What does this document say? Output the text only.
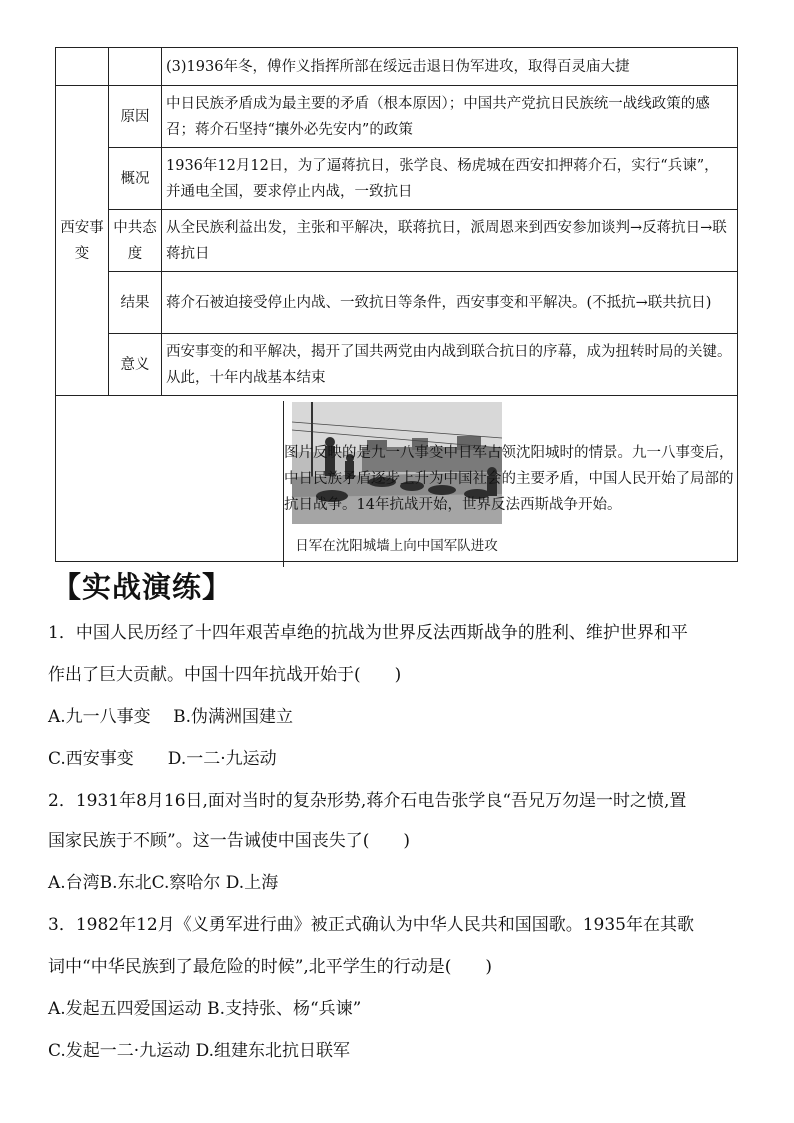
		(3)1936年冬，傅作义指挥所部在绥远击退日伪军进攻，取得百灵庙大捷
西安事变	原因	中日民族矛盾成为最主要的矛盾（根本原因）；中国共产党抗日民族统一战线政策的感召；蒋介石坚持“攘外必先安内”的政策
	概况	1936年12月12日，为了逼蒋抗日，张学良、杨虎城在西安扣押蒋介石，实行“兵谏”，并通电全国，要求停止内战，一致抗日
	中共态度	从全民族利益出发，主张和平解决，联蒋抗日，派周恩来到西安参加谈判→反蒋抗日→联蒋抗日
	结果	蒋介石被迫接受停止内战、一致抗日等条件，西安事变和平解决。(不抵抗→联共抗日)
	意义	西安事变的和平解决，揭开了国共两党由内战到联合抗日的序幕，成为扭转时局的关键。从此，十年内战基本结束

日军在沈阳城墙上向中国军队进攻		
图片反映的是九一八事变中日军占领沈阳城时的情景。九一八事变后，中日民族矛盾逐步上升为中国社会的主要矛盾，中国人民开始了局部的抗日战争。14年抗战开始，世界反法西斯战争开始。
【实战演练】

1．中国人民历经了十四年艰苦卓绝的抗战为世界反法西斯战争的胜利、维护世界和平

作出了巨大贡献。中国十四年抗战开始于(　　)

A.九一八事变　 B.伪满洲国建立

C.西安事变　　D.一二·九运动

2．1931年8月16日,面对当时的复杂形势,蒋介石电告张学良“吾兄万勿逞一时之愤,置

国家民族于不顾”。这一告诫使中国丧失了(　　)

A.台湾B.东北C.察哈尔 D.上海

3．1982年12月《义勇军进行曲》被正式确认为中华人民共和国国歌。1935年在其歌

词中“中华民族到了最危险的时候”,北平学生的行动是(　　)

A.发起五四爱国运动 B.支持张、杨“兵谏”

C.发起一二·九运动 D.组建东北抗日联军
